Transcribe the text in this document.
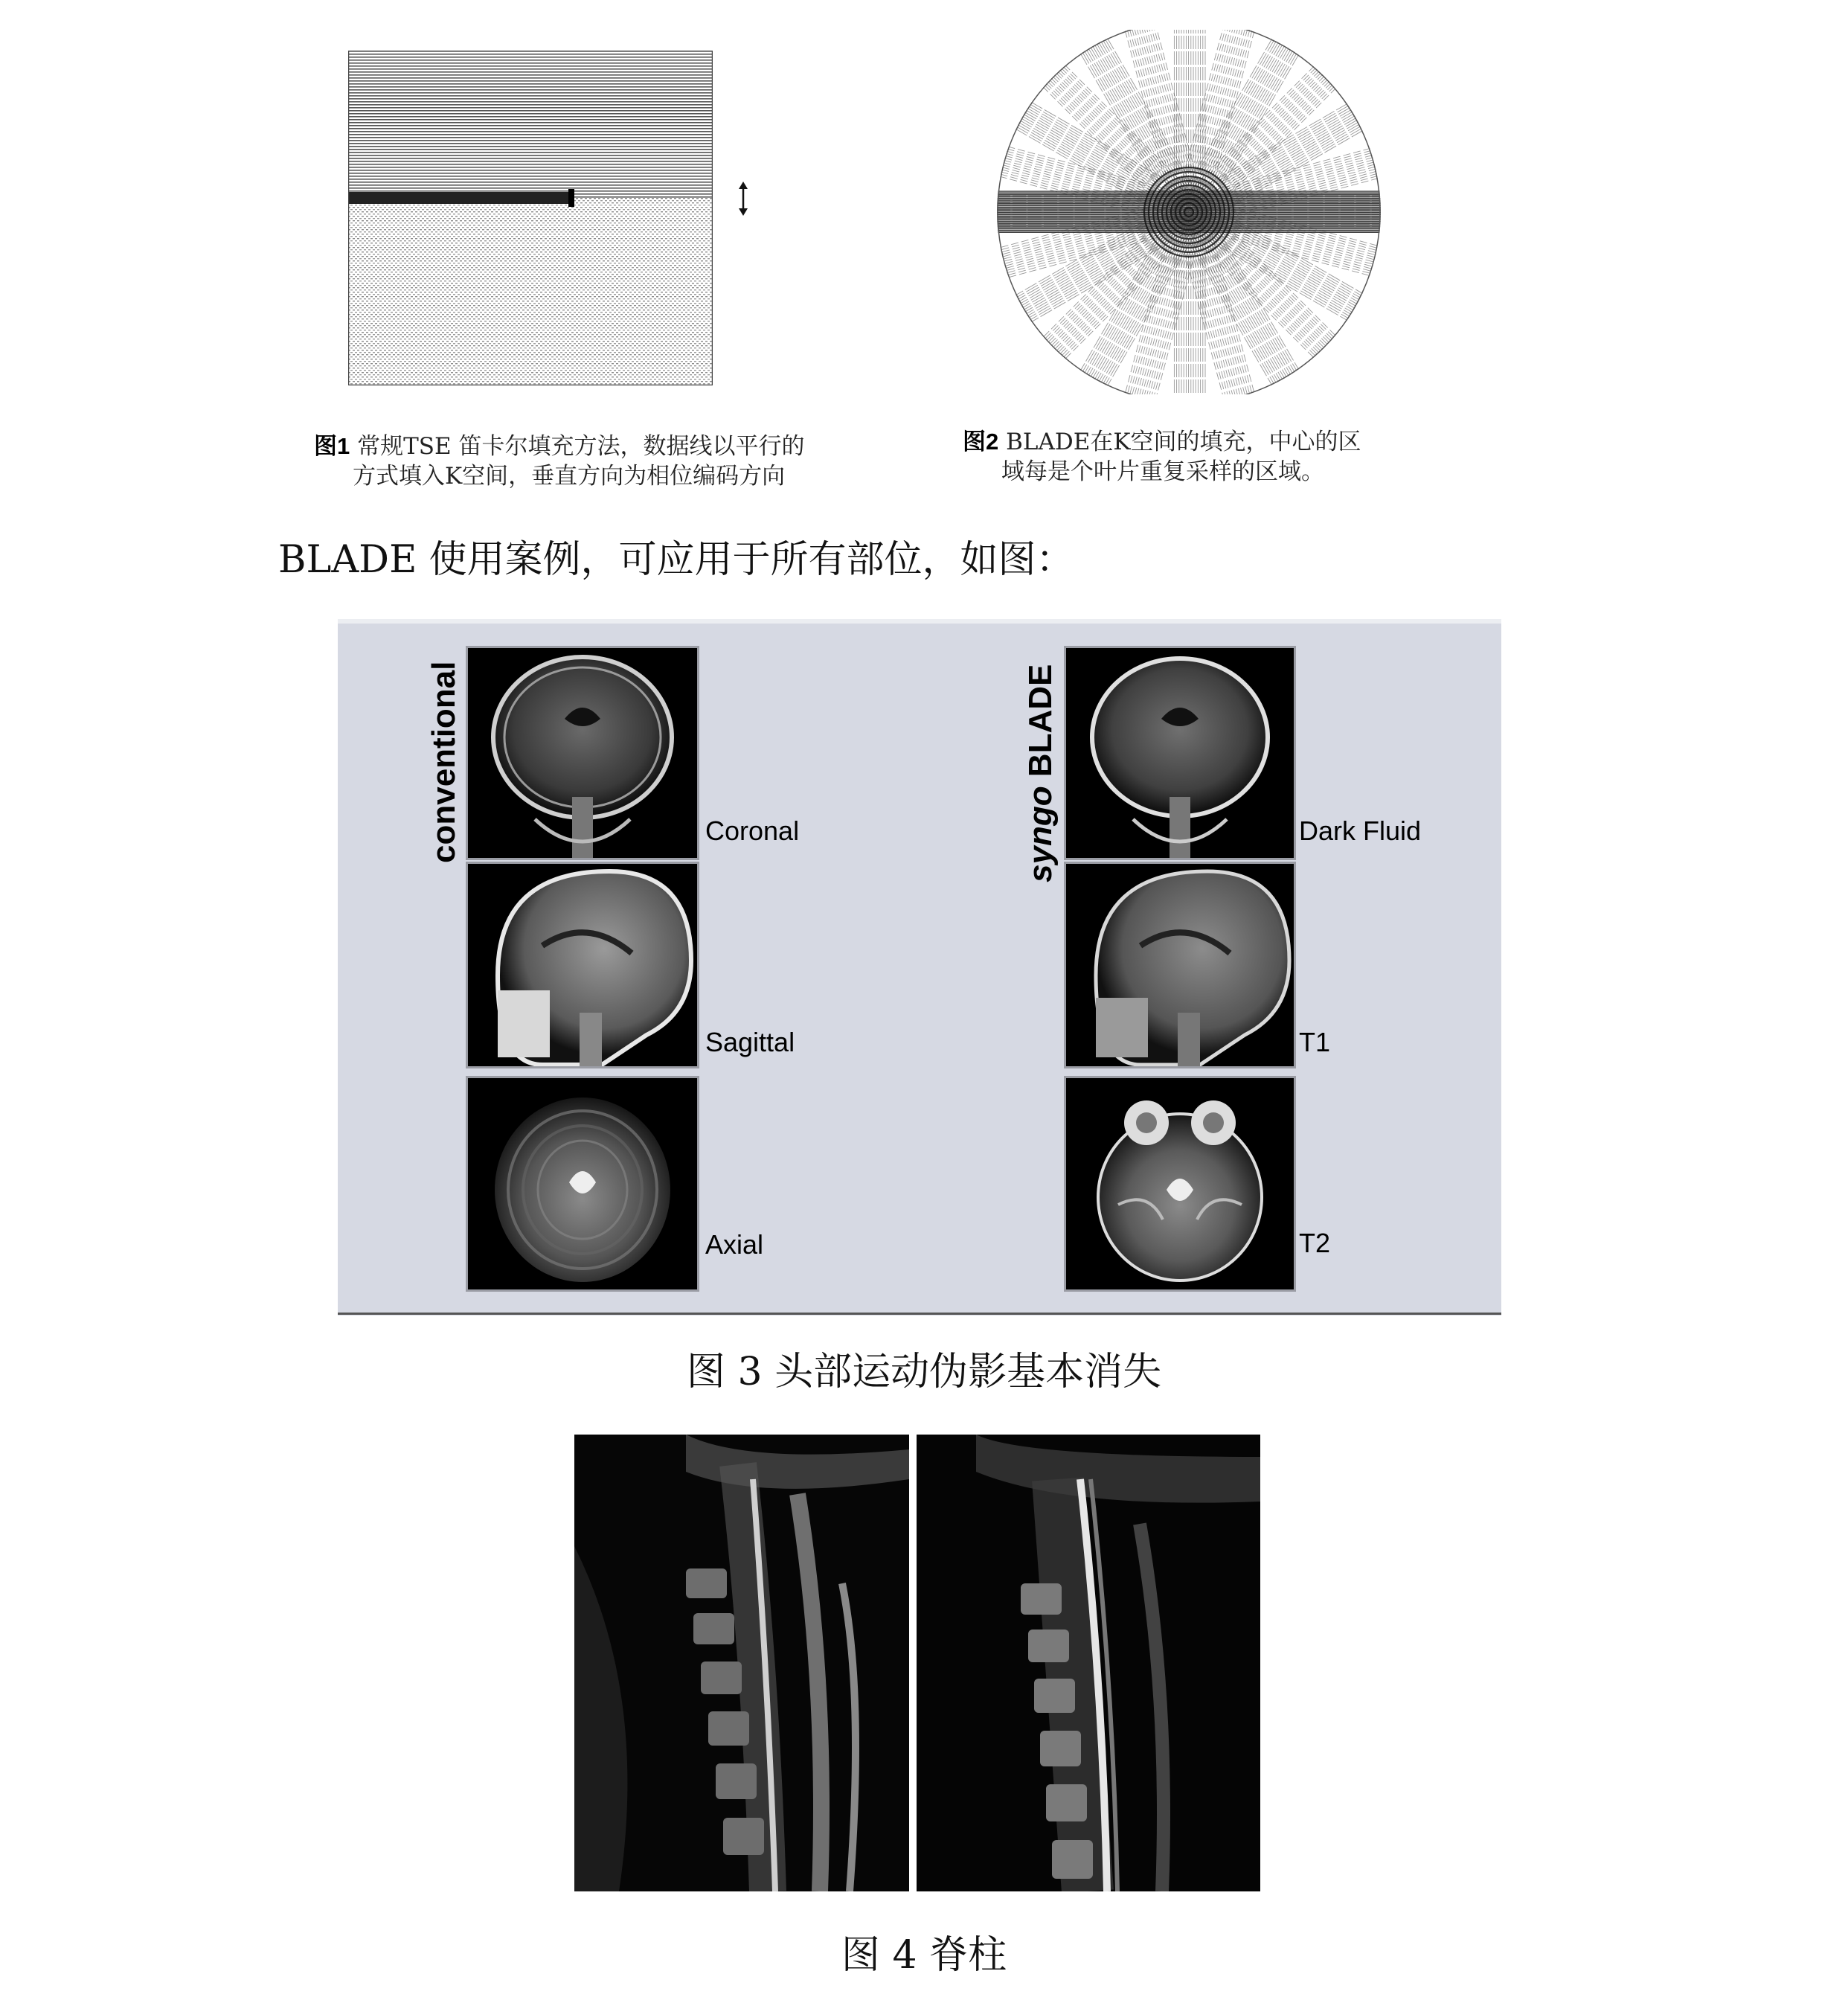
图1 常规TSE 笛卡尔填充方法，数据线以平行的
方式填入K空间，垂直方向为相位编码方向
图2 BLADE在K空间的填充，中心的区
域每是个叶片重复采样的区域。
BLADE 使用案例，可应用于所有部位，如图：
conventional	syngo BLADE
Coronal
Sagittal
Axial
Dark Fluid
T1
T2
图 3 头部运动伪影基本消失
图 4 脊柱
